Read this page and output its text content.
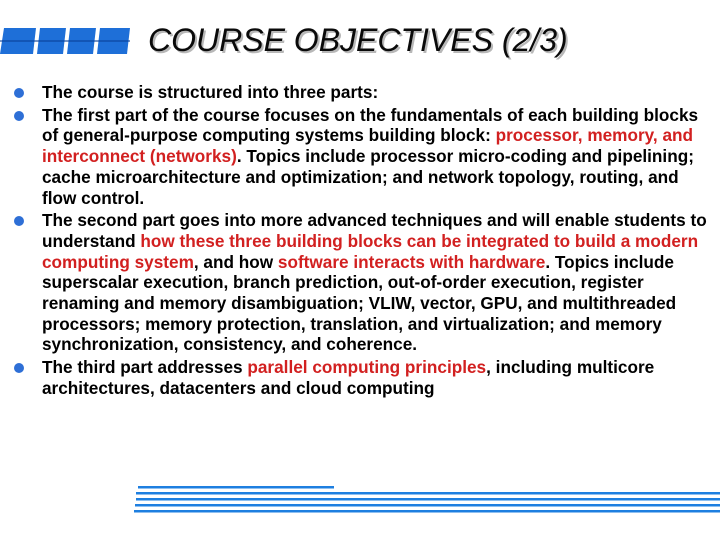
COURSE OBJECTIVES (2/3)

The course is structured into three parts:

The first part of the course focuses on the fundamentals of each building blocks of general-purpose computing systems building block: processor, memory, and interconnect (networks). Topics include processor micro-coding and pipelining; cache microarchitecture and optimization; and network topology, routing, and flow control.

The second part goes into more advanced techniques and will enable students to understand how these three building blocks can be integrated to build a modern computing system, and how software interacts with hardware. Topics include superscalar execution, branch prediction, out-of-order execution, register renaming and memory disambiguation; VLIW, vector, GPU, and multithreaded processors; memory protection, translation, and virtualization; and memory synchronization, consistency, and coherence.

The third part addresses parallel computing principles, including multicore architectures, datacenters and cloud computing
